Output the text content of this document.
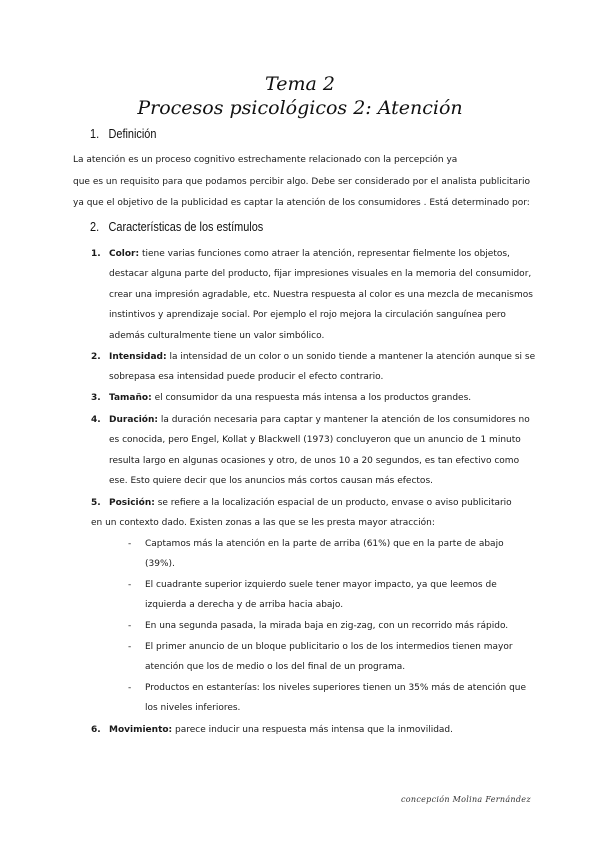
Tema 2
Procesos psicológicos 2: Atención
1. Definición
La atención es un proceso cognitivo estrechamente relacionado con la percepción ya
que es un requisito para que podamos percibir algo. Debe ser considerado por el analista publicitario
ya que el objetivo de la publicidad es captar la atención de los consumidores . Está determinado por:
2. Características de los estímulos
1. Color: tiene varias funciones como atraer la atención, representar fielmente los objetos,
destacar alguna parte del producto, fijar impresiones visuales en la memoria del consumidor,
crear una impresión agradable, etc. Nuestra respuesta al color es una mezcla de mecanismos
instintivos y aprendizaje social. Por ejemplo el rojo mejora la circulación sanguínea pero
además culturalmente tiene un valor simbólico.
2. Intensidad: la intensidad de un color o un sonido tiende a mantener la atención aunque si se
sobrepasa esa intensidad puede producir el efecto contrario.
3. Tamaño: el consumidor da una respuesta más intensa a los productos grandes.
4. Duración: la duración necesaria para captar y mantener la atención de los consumidores no
es conocida, pero Engel, Kollat y Blackwell (1973) concluyeron que un anuncio de 1 minuto
resulta largo en algunas ocasiones y otro, de unos 10 a 20 segundos, es tan efectivo como
ese. Esto quiere decir que los anuncios más cortos causan más efectos.
5. Posición: se refiere a la localización espacial de un producto, envase o aviso publicitario
en un contexto dado. Existen zonas a las que se les presta mayor atracción:
- Captamos más la atención en la parte de arriba (61%) que en la parte de abajo
(39%).
- El cuadrante superior izquierdo suele tener mayor impacto, ya que leemos de
izquierda a derecha y de arriba hacia abajo.
- En una segunda pasada, la mirada baja en zig-zag, con un recorrido más rápido.
- El primer anuncio de un bloque publicitario o los de los intermedios tienen mayor
atención que los de medio o los del final de un programa.
- Productos en estanterías: los niveles superiores tienen un 35% más de atención que
los niveles inferiores.
6. Movimiento: parece inducir una respuesta más intensa que la inmovilidad.
concepción Molina Fernández
